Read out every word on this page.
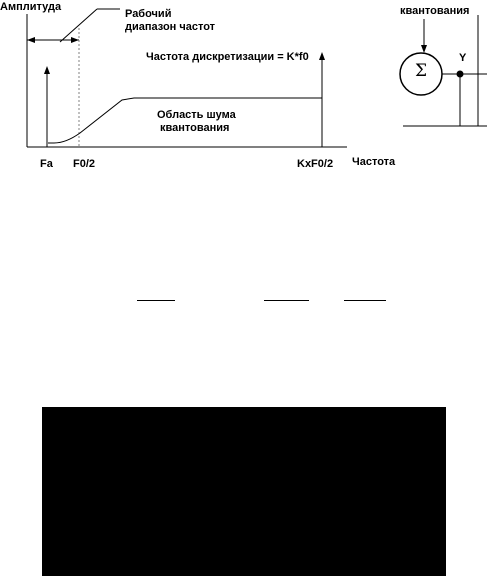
Амплитуда
Рабочий
диапазон частот
Частота дискретизации = K*f0
Область шума
квантования
Fa F0/2	KxF0/2 Частота
квантования
Σ
Y
